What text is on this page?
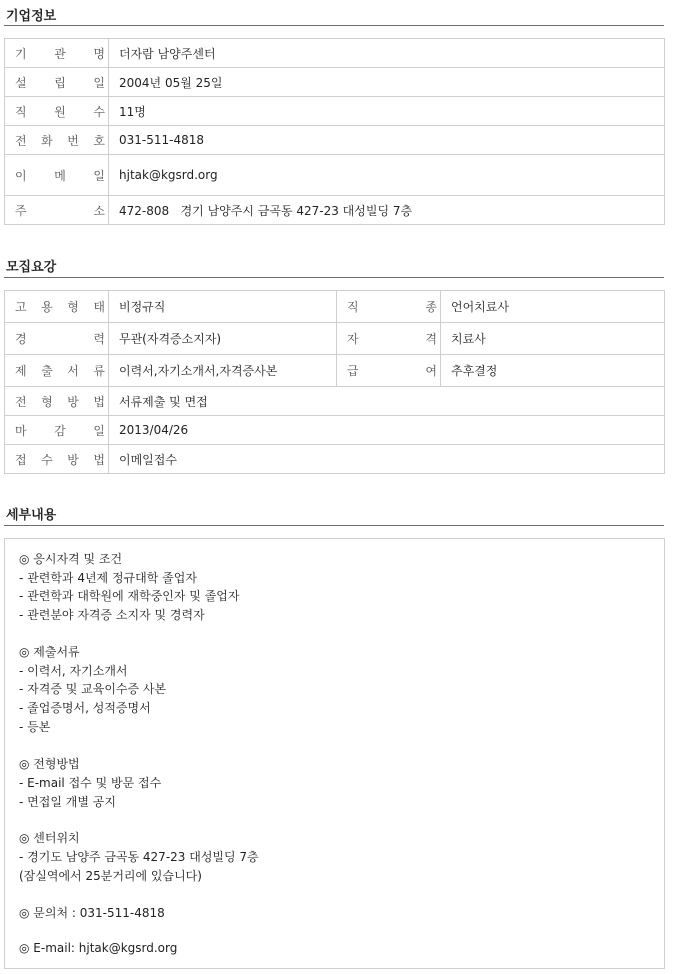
기업정보
기 관 명	더자람 남양주센터

설 립 일	2004년 05월 25일

직 원 수	11명

전 화 번 호	031-511-4818

이 메 일	hjtak@kgsrd.org

주 소	472-808   경기 남양주시 금곡동 427-23 대성빌딩 7층
모집요강
고 용 형 태	비정규직	직 종	언어치료사

경 력	무관(자격증소지자)	자 격	치료사

제 출 서 류	이력서,자기소개서,자격증사본	급 여	추후결정

전 형 방 법	서류제출 및 면접		

마 감 일	2013/04/26		

접 수 방 법	이메일접수		
세부내용
◎ 응시자격 및 조건
- 관련학과 4년제 정규대학 졸업자
- 관련학과 대학원에 재학중인자 및 졸업자
- 관련분야 자격증 소지자 및 경력자
◎ 제출서류
- 이력서, 자기소개서
- 자격증 및 교육이수증 사본
- 졸업증명서, 성적증명서
- 등본
◎ 전형방법
- E-mail 접수 및 방문 접수
- 면접일 개별 공지
◎ 센터위치
- 경기도 남양주 금곡동 427-23 대성빌딩 7층
(잠실역에서 25분거리에 있습니다)
◎ 문의처 : 031-511-4818
◎ E-mail: hjtak@kgsrd.org
